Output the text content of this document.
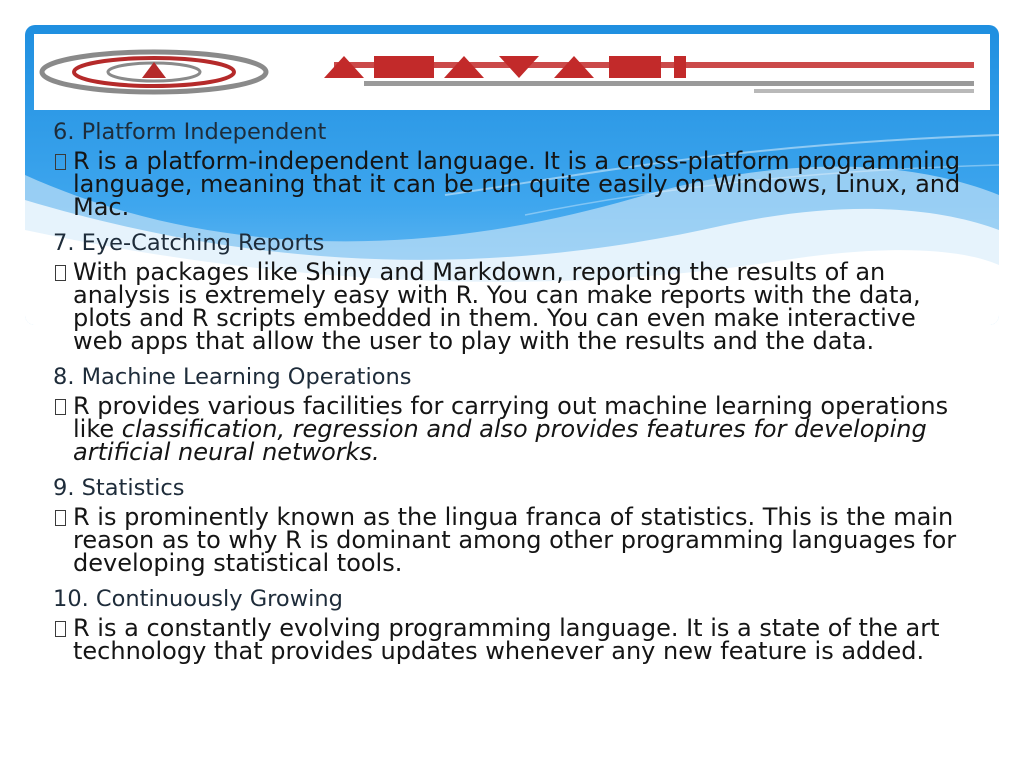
6. Platform Independent
R is a platform-independent language. It is a cross-platform programming language, meaning that it can be run quite easily on Windows, Linux, and Mac.
7. Eye-Catching Reports
With packages like Shiny and Markdown, reporting the results of an analysis is extremely easy with R. You can make reports with the data, plots and R scripts embedded in them. You can even make interactive web apps that allow the user to play with the results and the data.
8. Machine Learning Operations
R provides various facilities for carrying out machine learning operations like classification, regression and also provides features for developing artificial neural networks.
9. Statistics
R is prominently known as the lingua franca of statistics. This is the main reason as to why R is dominant among other programming languages for developing statistical tools.
10. Continuously Growing
R is a constantly evolving programming language. It is a state of the art technology that provides updates whenever any new feature is added.
